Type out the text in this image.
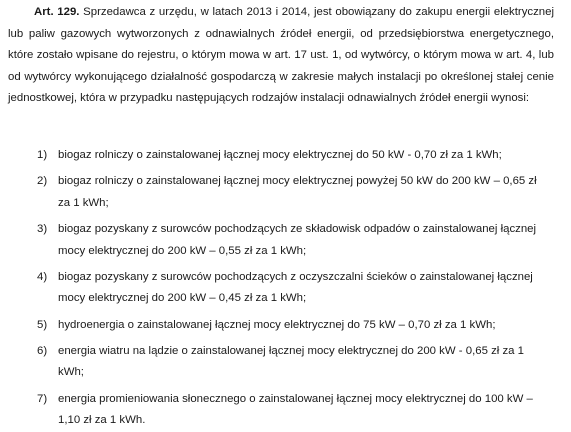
Art. 129. Sprzedawca z urzędu, w latach 2013 i 2014, jest obowiązany do zakupu energii elektrycznej lub paliw gazowych wytworzonych z odnawialnych źródeł energii, od przedsiębiorstwa energetycznego, które zostało wpisane do rejestru, o którym mowa w art. 17 ust. 1, od wytwórcy, o którym mowa w art. 4, lub od wytwórcy wykonującego działalność gospodarczą w zakresie małych instalacji po określonej stałej cenie jednostkowej, która w przypadku następujących rodzajów instalacji odnawialnych źródeł energii wynosi:

1) biogaz rolniczy o zainstalowanej łącznej mocy elektrycznej do 50 kW - 0,70 zł za 1 kWh;
2) biogaz rolniczy o zainstalowanej łącznej mocy elektrycznej powyżej 50 kW do 200 kW – 0,65 zł za 1 kWh;
3) biogaz pozyskany z surowców pochodzących ze składowisk odpadów o zainstalowanej łącznej mocy elektrycznej do 200 kW – 0,55 zł za 1 kWh;
4) biogaz pozyskany z surowców pochodzących z oczyszczalni ścieków o zainstalowanej łącznej mocy elektrycznej do 200 kW – 0,45 zł za 1 kWh;
5) hydroenergia o zainstalowanej łącznej mocy elektrycznej do 75 kW – 0,70 zł za 1 kWh;
6) energia wiatru na lądzie o zainstalowanej łącznej mocy elektrycznej do 200 kW - 0,65 zł za 1 kWh;
7) energia promieniowania słonecznego o zainstalowanej łącznej mocy elektrycznej do 100 kW – 1,10 zł za 1 kWh.
